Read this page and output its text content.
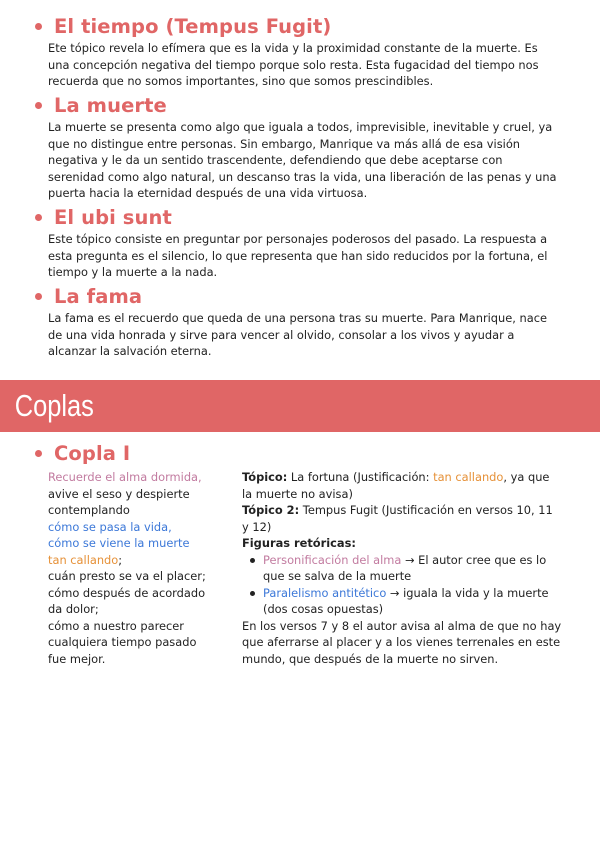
El tiempo (Tempus Fugit)

Ete tópico revela lo efímera que es la vida y la proximidad constante de la muerte. Es una concepción negativa del tiempo porque solo resta. Esta fugacidad del tiempo nos recuerda que no somos importantes, sino que somos prescindibles.

La muerte

La muerte se presenta como algo que iguala a todos, imprevisible, inevitable y cruel, ya que no distingue entre personas. Sin embargo, Manrique va más allá de esa visión negativa y le da un sentido trascendente, defendiendo que debe aceptarse con serenidad como algo natural, un descanso tras la vida, una liberación de las penas y una puerta hacia la eternidad después de una vida virtuosa.

El ubi sunt

Este tópico consiste en preguntar por personajes poderosos del pasado. La respuesta a esta pregunta es el silencio, lo que representa que han sido reducidos por la fortuna, el tiempo y la muerte a la nada.

La fama

La fama es el recuerdo que queda de una persona tras su muerte. Para Manrique, nace de una vida honrada y sirve para vencer al olvido, consolar a los vivos y ayudar a alcanzar la salvación eterna.

Coplas
Copla I
Recuerde el alma dormida,
avive el seso y despierte
contemplando
cómo se pasa la vida,
cómo se viene la muerte
tan callando;
cuán presto se va el placer;
cómo después de acordado
da dolor;
cómo a nuestro parecer
cualquiera tiempo pasado
fue mejor.

Tópico: La fortuna (Justificación: tan callando, ya que la muerte no avisa)

Tópico 2: Tempus Fugit (Justificación en versos 10, 11 y 12)

Figuras retóricas:

Personificación del alma → El autor cree que es lo que se salva de la muerte
Paralelismo antitético → iguala la vida y la muerte (dos cosas opuestas)

En los versos 7 y 8 el autor avisa al alma de que no hay que aferrarse al placer y a los vienes terrenales en este mundo, que después de la muerte no sirven.
